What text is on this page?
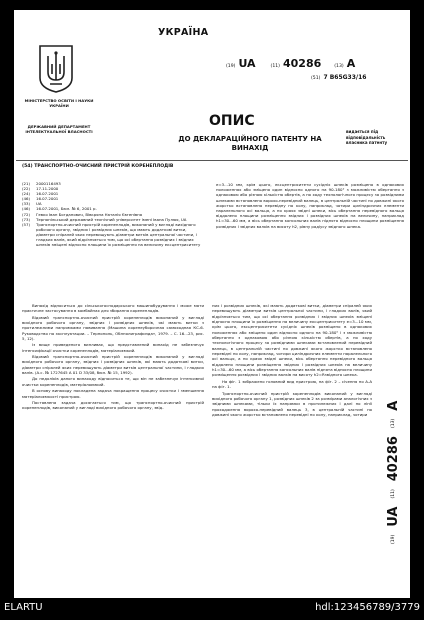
УКРАЇНА
МІНІСТЕРСТВО ОСВІТИ І НАУКИ УКРАЇНИ
ДЕРЖАВНИЙ ДЕПАРТАМЕНТ ІНТЕЛЕКТУАЛЬНОЇ ВЛАСНОСТІ
(19) UA	(11) 40286	(13) A
(51) 7 B65G33/16
ОПИС
ДО ДЕКЛАРАЦІЙНОГО ПАТЕНТУ НА ВИНАХІД
видається під відповідальність власника патенту
(54) ТРАНСПОРТНО-ОЧИСНИЙ ПРИСТРІЙ КОРЕНЕПЛОДІВ
(21)	2000116493
(22)	17.11.2000
(24)	16.07.2001
(46)	16.07.2001
(33)	UA
(46)	16.07.2001, Бюл. № 6, 2001 р.
(72)	Гевко Іван Богданович, Вівкряна Наталія Євгенівна
(73)	Тернопільський державний технічний університет імені Івана Пулюя, UA
(57)	Транспортно-очисний пристрій коренеплодів, виконаний у вигляді вихідного робочого органу, звідних і розвідних шнеків, що мають додаткові витки, діаметри спіралей яких перевищують діаметри витків центральної частини, і гладких валів, який відрізняється тим, що осі обертання розвідних і звідних шнеків зміщені відносно площини їх розміщення на величину ексцентриситету
e=3...10 мм, крім цього, ексцентриситети сусідніх шнеків розміщено в однакових положеннях або зміщено один відносно одного на 90-180° з можливістю обертання з однаковою або різною кількістю обертів, а по ходу технологічного процесу за розвідними шнеками встановлено ворохо-перевідний валець, в центральній частині по довжині якого жорстко встановлено перевідну по колу, наприклад, чотири циліндричних елементи паралельного осі вальця, а по краях звідні шнеки, вісь обертання перевідного вальця віддалено площини розміщення звідних і розвідних шнеків на величину, наприклад h1=30...60 мм, а вісь обертання консольних валів піднята відносно площини розміщення розвідних і звідних валків на висоту h2, рівну радіусу звідного шнека.

Винахід відноситься до сільськогосподарського машинобудування і може мати практичне застосування в комбайнах для збирання коренеплодів.

Відомий транспортно-очисний пристрій коренеплодів виконаний у вигляді вихідного робочого органу, звідних і розвідних шнеків, які мають витки з протилежними напрямками навивання (Машина коренеуборочная самоходная КС-6. Руководство по эксплуатации. – Тернополь, Облполиграфиздат, 1979. – С. 16...23, рис. 5, 12).

Із вище приведеного випливає, що представлений винахід не забезпечує інтенсифікації очистки коренеплодів, матеріалоємкий.

Відомий транспортно-очисний пристрій коренеплодів виконаний у вигляді вихідного робочого органу, звідних і розвідних шнеків, які мають додаткові витки, діаметри спіралей яких перевищують діаметри витків центральної частини, і гладких валів. (А.с. № 1727645 A 01 D 33/08, бюл. № 15, 1992).

До недоліків даного винаходу відноситься те, що він не забезпечує інтенсивної очистки коренеплодів, матеріалоємкий.

В основу винаходу покладена задача покращення процесу очистки і зменшення матеріалоємкості пристрою.

Поставлена задача досягається тим, що транспортно-очисний пристрій коренеплодів, виконаний у вигляді вихідного робочого органу, звід-

них і розвідних шнеків, які мають додаткові витки, діаметри спіралей яких перевищують діаметри витків центральної частини, і гладких валів, який відрізняється тим, що осі обертання розвідних і звідних шнеків зміщені відносно площини їх розміщення на величину ексцентриситету e=3...10 мм, крім цього, ексцентриситети сусідніх шнеків розміщено в однакових положеннях або зміщено один відносно одного на 90-180° і з можливістю обертання з однаковою або різною кількістю обертів, а по ходу технологічного процесу за розвідними шнеками встановлений перевідний валець, в центральній частині по довжині якого жорстко встановлено перевідні по колу, наприклад, чотири циліндричних елементи паралельного осі вальця, а по краях звідні шнеки, вісь обертання перевідного вальця віддалено площини розміщення звідних і розвідних шнеків на величину h1=30...60 мм, а вісь обертання консольних валів піднята відносно площини розміщення розвідних і звідних валків на висоту h2=Rзвідного шнека.

На фіг. 1 зображено головний вид пристрою, на фіг. 2 – січення по А-А на фіг. 1.

Транспортно-очисний пристрій коренеплодів виконаний у вигляді вихідного робочого органу 1, розвідних шнеків 2 за розмірами аналогічних з звідними шнеками, тільки їх напрямки в протилежних і далі по лінії проходження ворохо-перевідний валець 3, в центральній частині по довжині якого жорстко встановлено перевідні по колу, наприклад, чотири

(19)
UA
(11)
40286
(13)
A
ELARTU	hdl:123456789/3779
